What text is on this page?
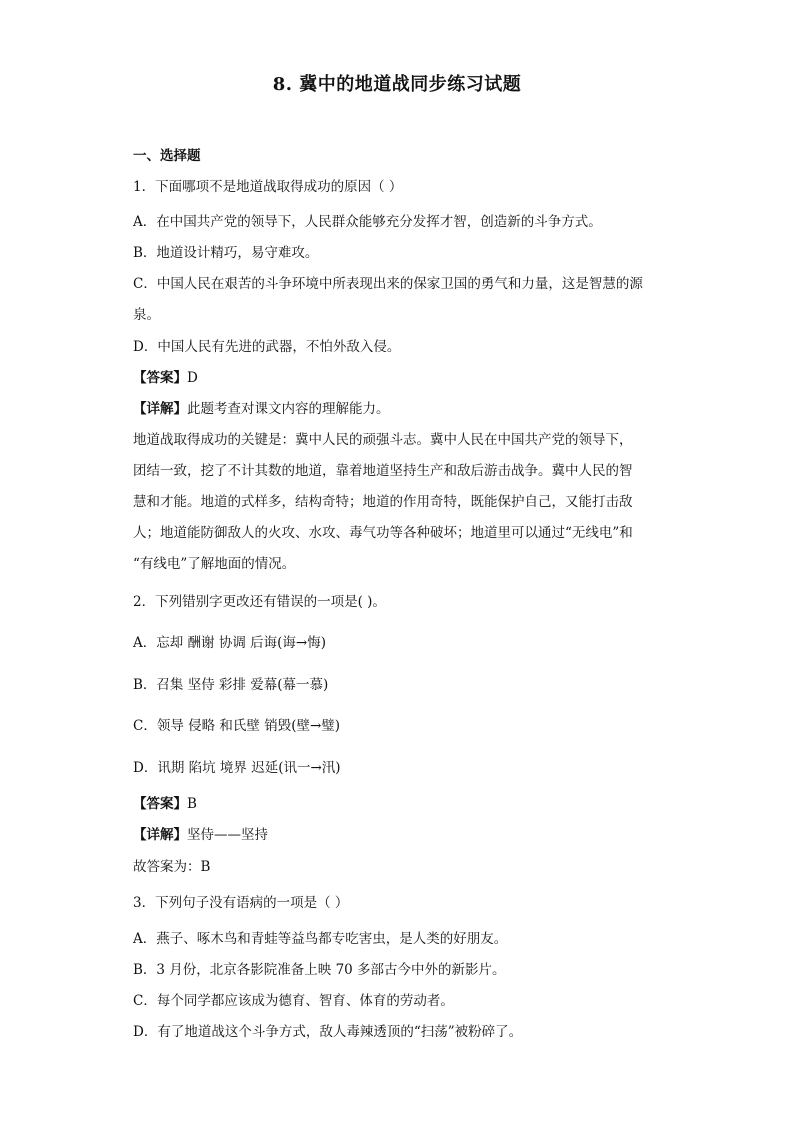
8. 冀中的地道战同步练习试题
一、选择题
1．下面哪项不是地道战取得成功的原因（ ）
A．在中国共产党的领导下，人民群众能够充分发挥才智，创造新的斗争方式。
B．地道设计精巧，易守难攻。
C．中国人民在艰苦的斗争环境中所表现出来的保家卫国的勇气和力量，这是智慧的源
泉。
D．中国人民有先进的武器，不怕外敌入侵。
【答案】D
【详解】此题考查对课文内容的理解能力。
地道战取得成功的关键是：冀中人民的顽强斗志。冀中人民在中国共产党的领导下，
团结一致，挖了不计其数的地道，靠着地道坚持生产和敌后游击战争。冀中人民的智
慧和才能。地道的式样多，结构奇特；地道的作用奇特，既能保护自己，又能打击敌
人；地道能防御敌人的火攻、水攻、毒气功等各种破坏；地道里可以通过“无线电”和
“有线电”了解地面的情况。
2．下列错别字更改还有错误的一项是( )。
A．忘却 酬谢 协调 后诲(诲→悔)
B．召集 坚侍 彩排 爱幕(幕一慕)
C．领导 侵略 和氏壁 销毁(壁→璧)
D．讯期 陷坑 境界 迟延(讯一→汛)
【答案】B
【详解】坚侍——坚持
故答案为：B
3．下列句子没有语病的一项是（ ）
A．燕子、啄木鸟和青蛙等益鸟都专吃害虫，是人类的好朋友。
B．3 月份，北京各影院准备上映 70 多部古今中外的新影片。
C．每个同学都应该成为德育、智育、体育的劳动者。
D．有了地道战这个斗争方式，敌人毒辣透顶的“扫荡”被粉碎了。
